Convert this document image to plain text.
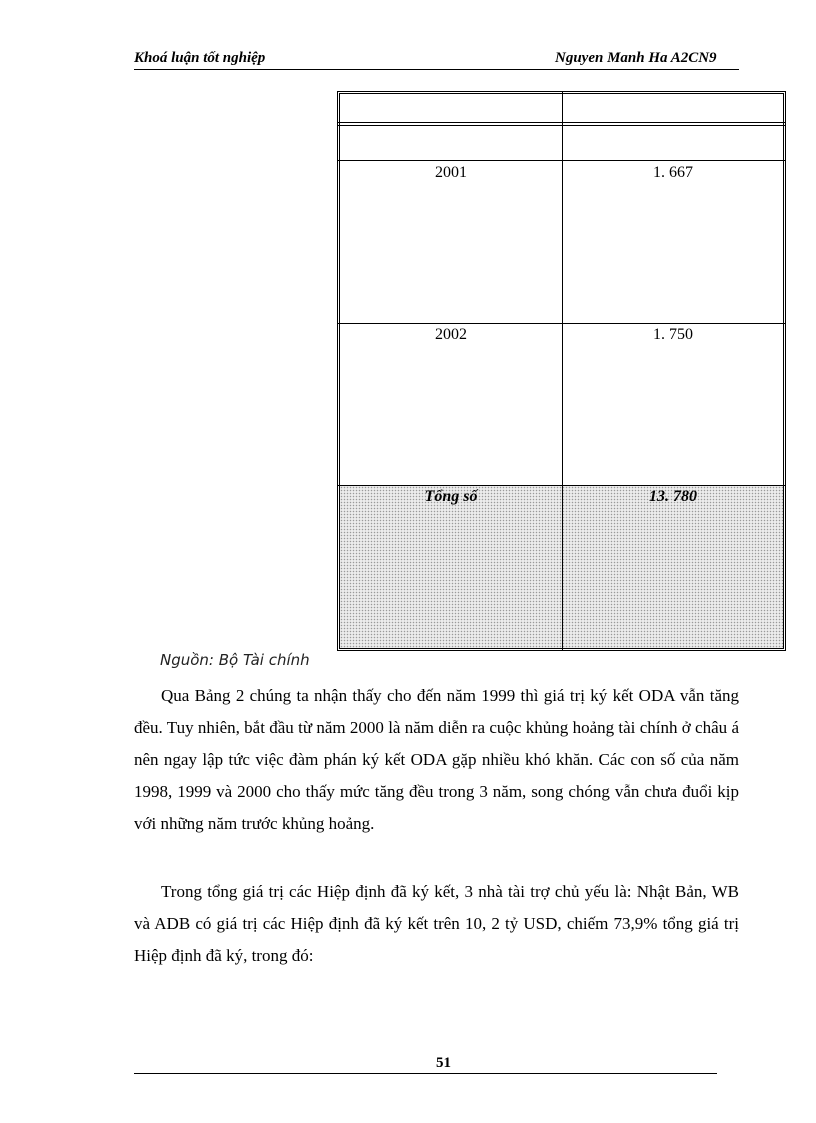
Khoá luận tốt nghiệp	Nguyen Manh Ha A2CN9
2001	1. 667
2002	1. 750
Tổng số	13. 780
Nguồn: Bộ Tài chính

Qua Bảng 2 chúng ta nhận thấy cho đến năm 1999 thì giá trị ký kết ODA vẫn tăng đều. Tuy nhiên, bắt đầu từ năm 2000 là năm diễn ra cuộc khủng hoảng tài chính ở châu á nên ngay lập tức việc đàm phán ký kết ODA gặp nhiều khó khăn. Các con số của năm 1998, 1999 và 2000 cho thấy mức tăng đều trong 3 năm, song chóng vẫn chưa đuổi kịp với những năm trước khủng hoảng.

Trong tổng giá trị các Hiệp định đã ký kết, 3 nhà tài trợ chủ yếu là: Nhật Bản, WB và ADB có giá trị các Hiệp định đã ký kết trên 10, 2 tỷ USD, chiếm 73,9% tổng giá trị Hiệp định đã ký, trong đó:

51
